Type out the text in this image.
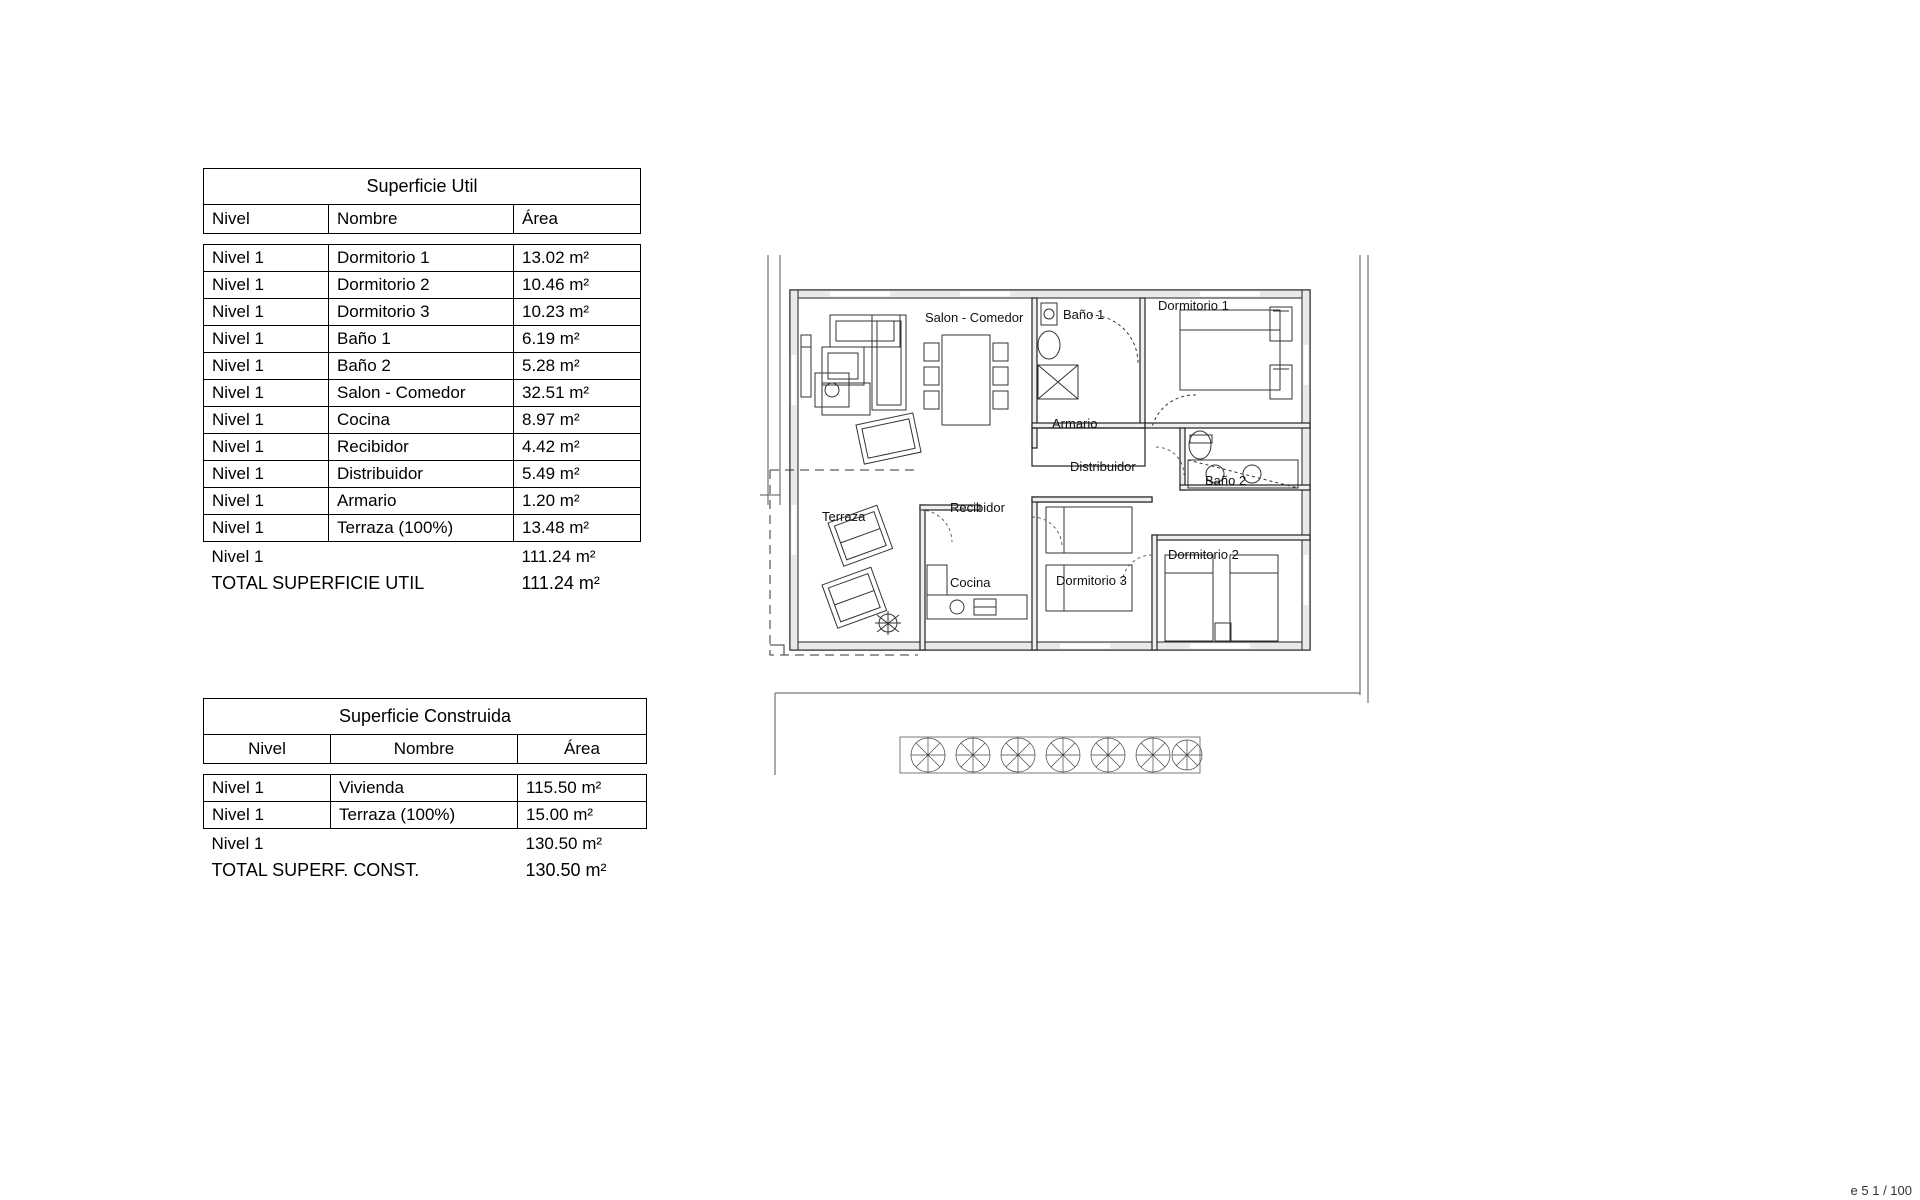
Superficie Util		
Nivel	Nombre	Área

Nivel 1	Dormitorio 1	13.02 m²
Nivel 1	Dormitorio 2	10.46 m²
Nivel 1	Dormitorio 3	10.23 m²
Nivel 1	Baño 1	6.19 m²
Nivel 1	Baño 2	5.28 m²
Nivel 1	Salon - Comedor	32.51 m²
Nivel 1	Cocina	8.97 m²
Nivel 1	Recibidor	4.42 m²
Nivel 1	Distribuidor	5.49 m²
Nivel 1	Armario	1.20 m²
Nivel 1	Terraza (100%)	13.48 m²
Nivel 1		111.24 m²
TOTAL SUPERFICIE UTIL		111.24 m²
Superficie Construida		
Nivel	Nombre	Área

Nivel 1	Vivienda	115.50 m²
Nivel 1	Terraza (100%)	15.00 m²
Nivel 1		130.50 m²
TOTAL SUPERF. CONST.		130.50 m²
Salon - Comedor	Baño 1
Dormitorio 1
Armario
Distribuidor
Baño 2
Dormitorio 2
Dormitorio 3
Cocina
Recibidor
Terraza
e 5 1 / 100
